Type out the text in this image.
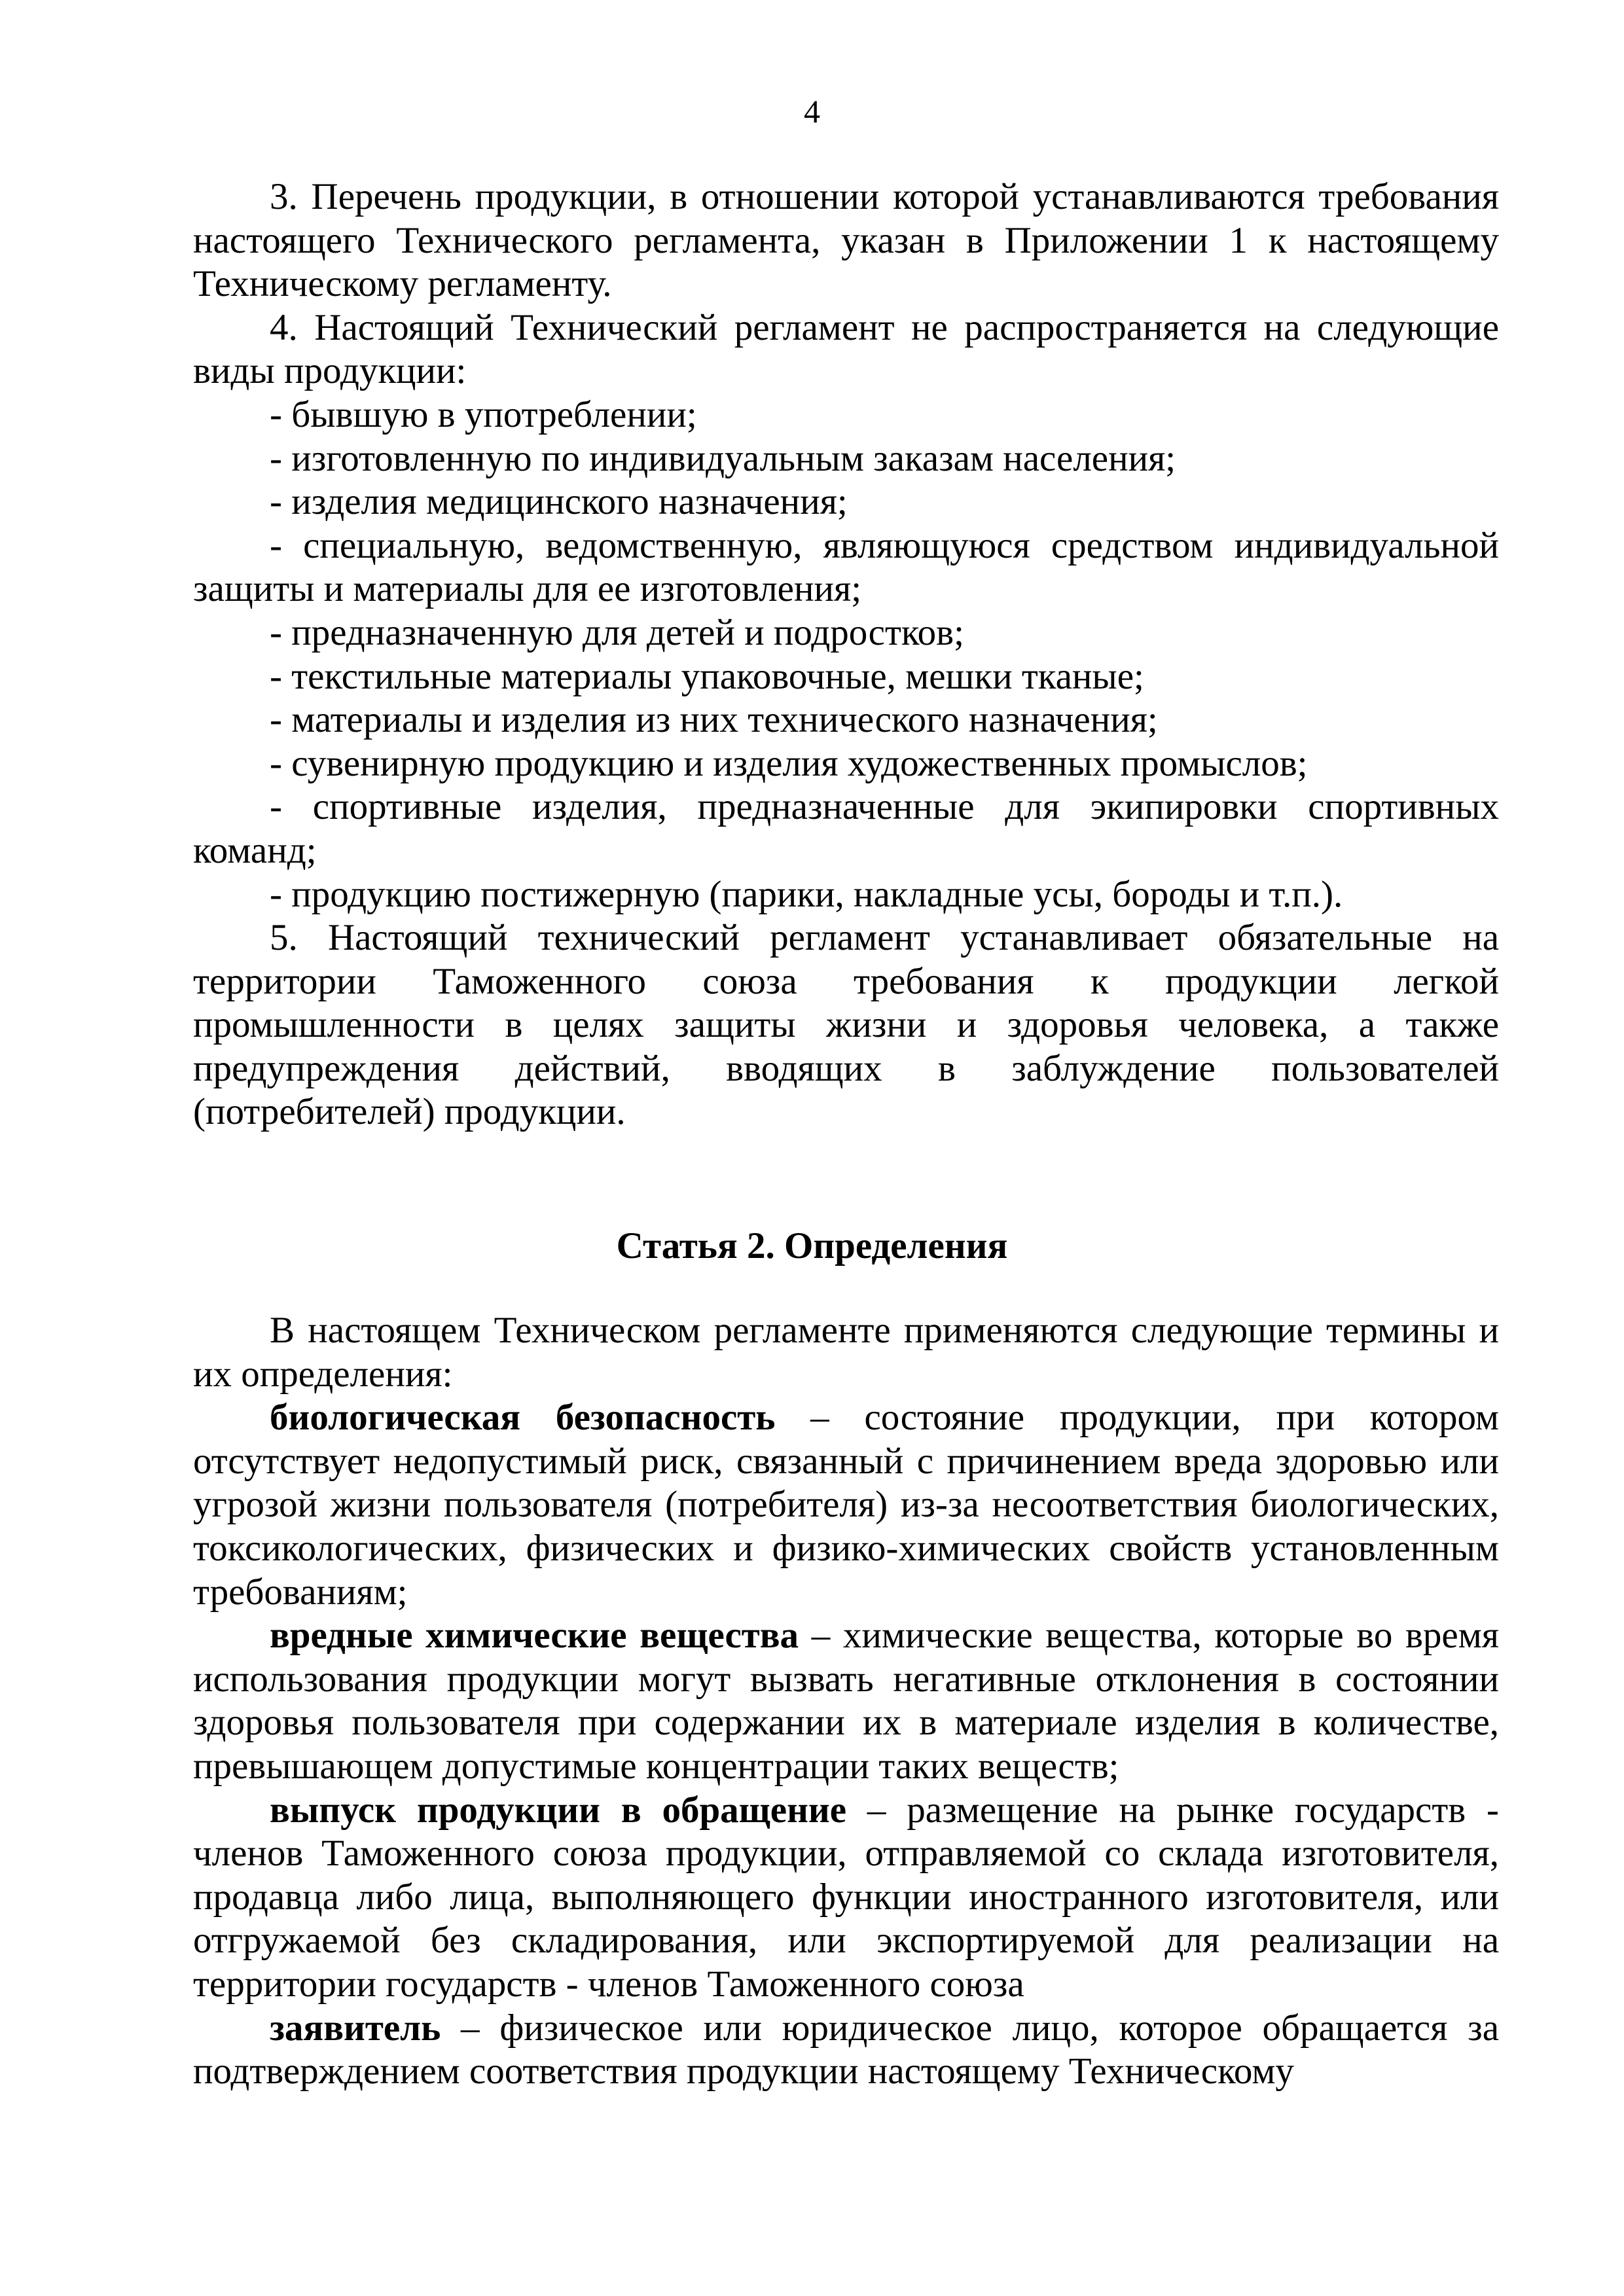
4

3. Перечень продукции, в отношении которой устанавливаются требования настоящего Технического регламента, указан в Приложении 1 к настоящему Техническому регламенту.

4. Настоящий Технический регламент не распространяется на следующие виды продукции:

- бывшую в употреблении;

- изготовленную по индивидуальным заказам населения;

- изделия медицинского назначения;

- специальную, ведомственную, являющуюся средством индивидуальной защиты и материалы для ее изготовления;

- предназначенную для детей и подростков;

- текстильные материалы упаковочные, мешки тканые;

- материалы и изделия из них технического назначения;

- сувенирную продукцию и изделия художественных промыслов;

- спортивные изделия, предназначенные для экипировки спортивных команд;

- продукцию постижерную (парики, накладные усы, бороды и т.п.).

5. Настоящий технический регламент устанавливает обязательные на территории Таможенного союза требования к продукции легкой промышленности в целях защиты жизни и здоровья человека, а также предупреждения действий, вводящих в заблуждение пользователей (потребителей) продукции.

Статья 2. Определения

В настоящем Техническом регламенте применяются следующие термины и их определения:

биологическая безопасность – состояние продукции, при котором отсутствует недопустимый риск, связанный с причинением вреда здоровью или угрозой жизни пользователя (потребителя) из-за несоответствия биологических, токсикологических, физических и физико-химических свойств установленным требованиям;

вредные химические вещества – химические вещества, которые во время использования продукции могут вызвать негативные отклонения в состоянии здоровья пользователя при содержании их в материале изделия в количестве, превышающем допустимые концентрации таких веществ;

выпуск продукции в обращение – размещение на рынке государств - членов Таможенного союза продукции, отправляемой со склада изготовителя, продавца либо лица, выполняющего функции иностранного изготовителя, или отгружаемой без складирования, или экспортируемой для реализации на территории государств - членов Таможенного союза

заявитель – физическое или юридическое лицо, которое обращается за подтверждением соответствия продукции настоящему Техническому
